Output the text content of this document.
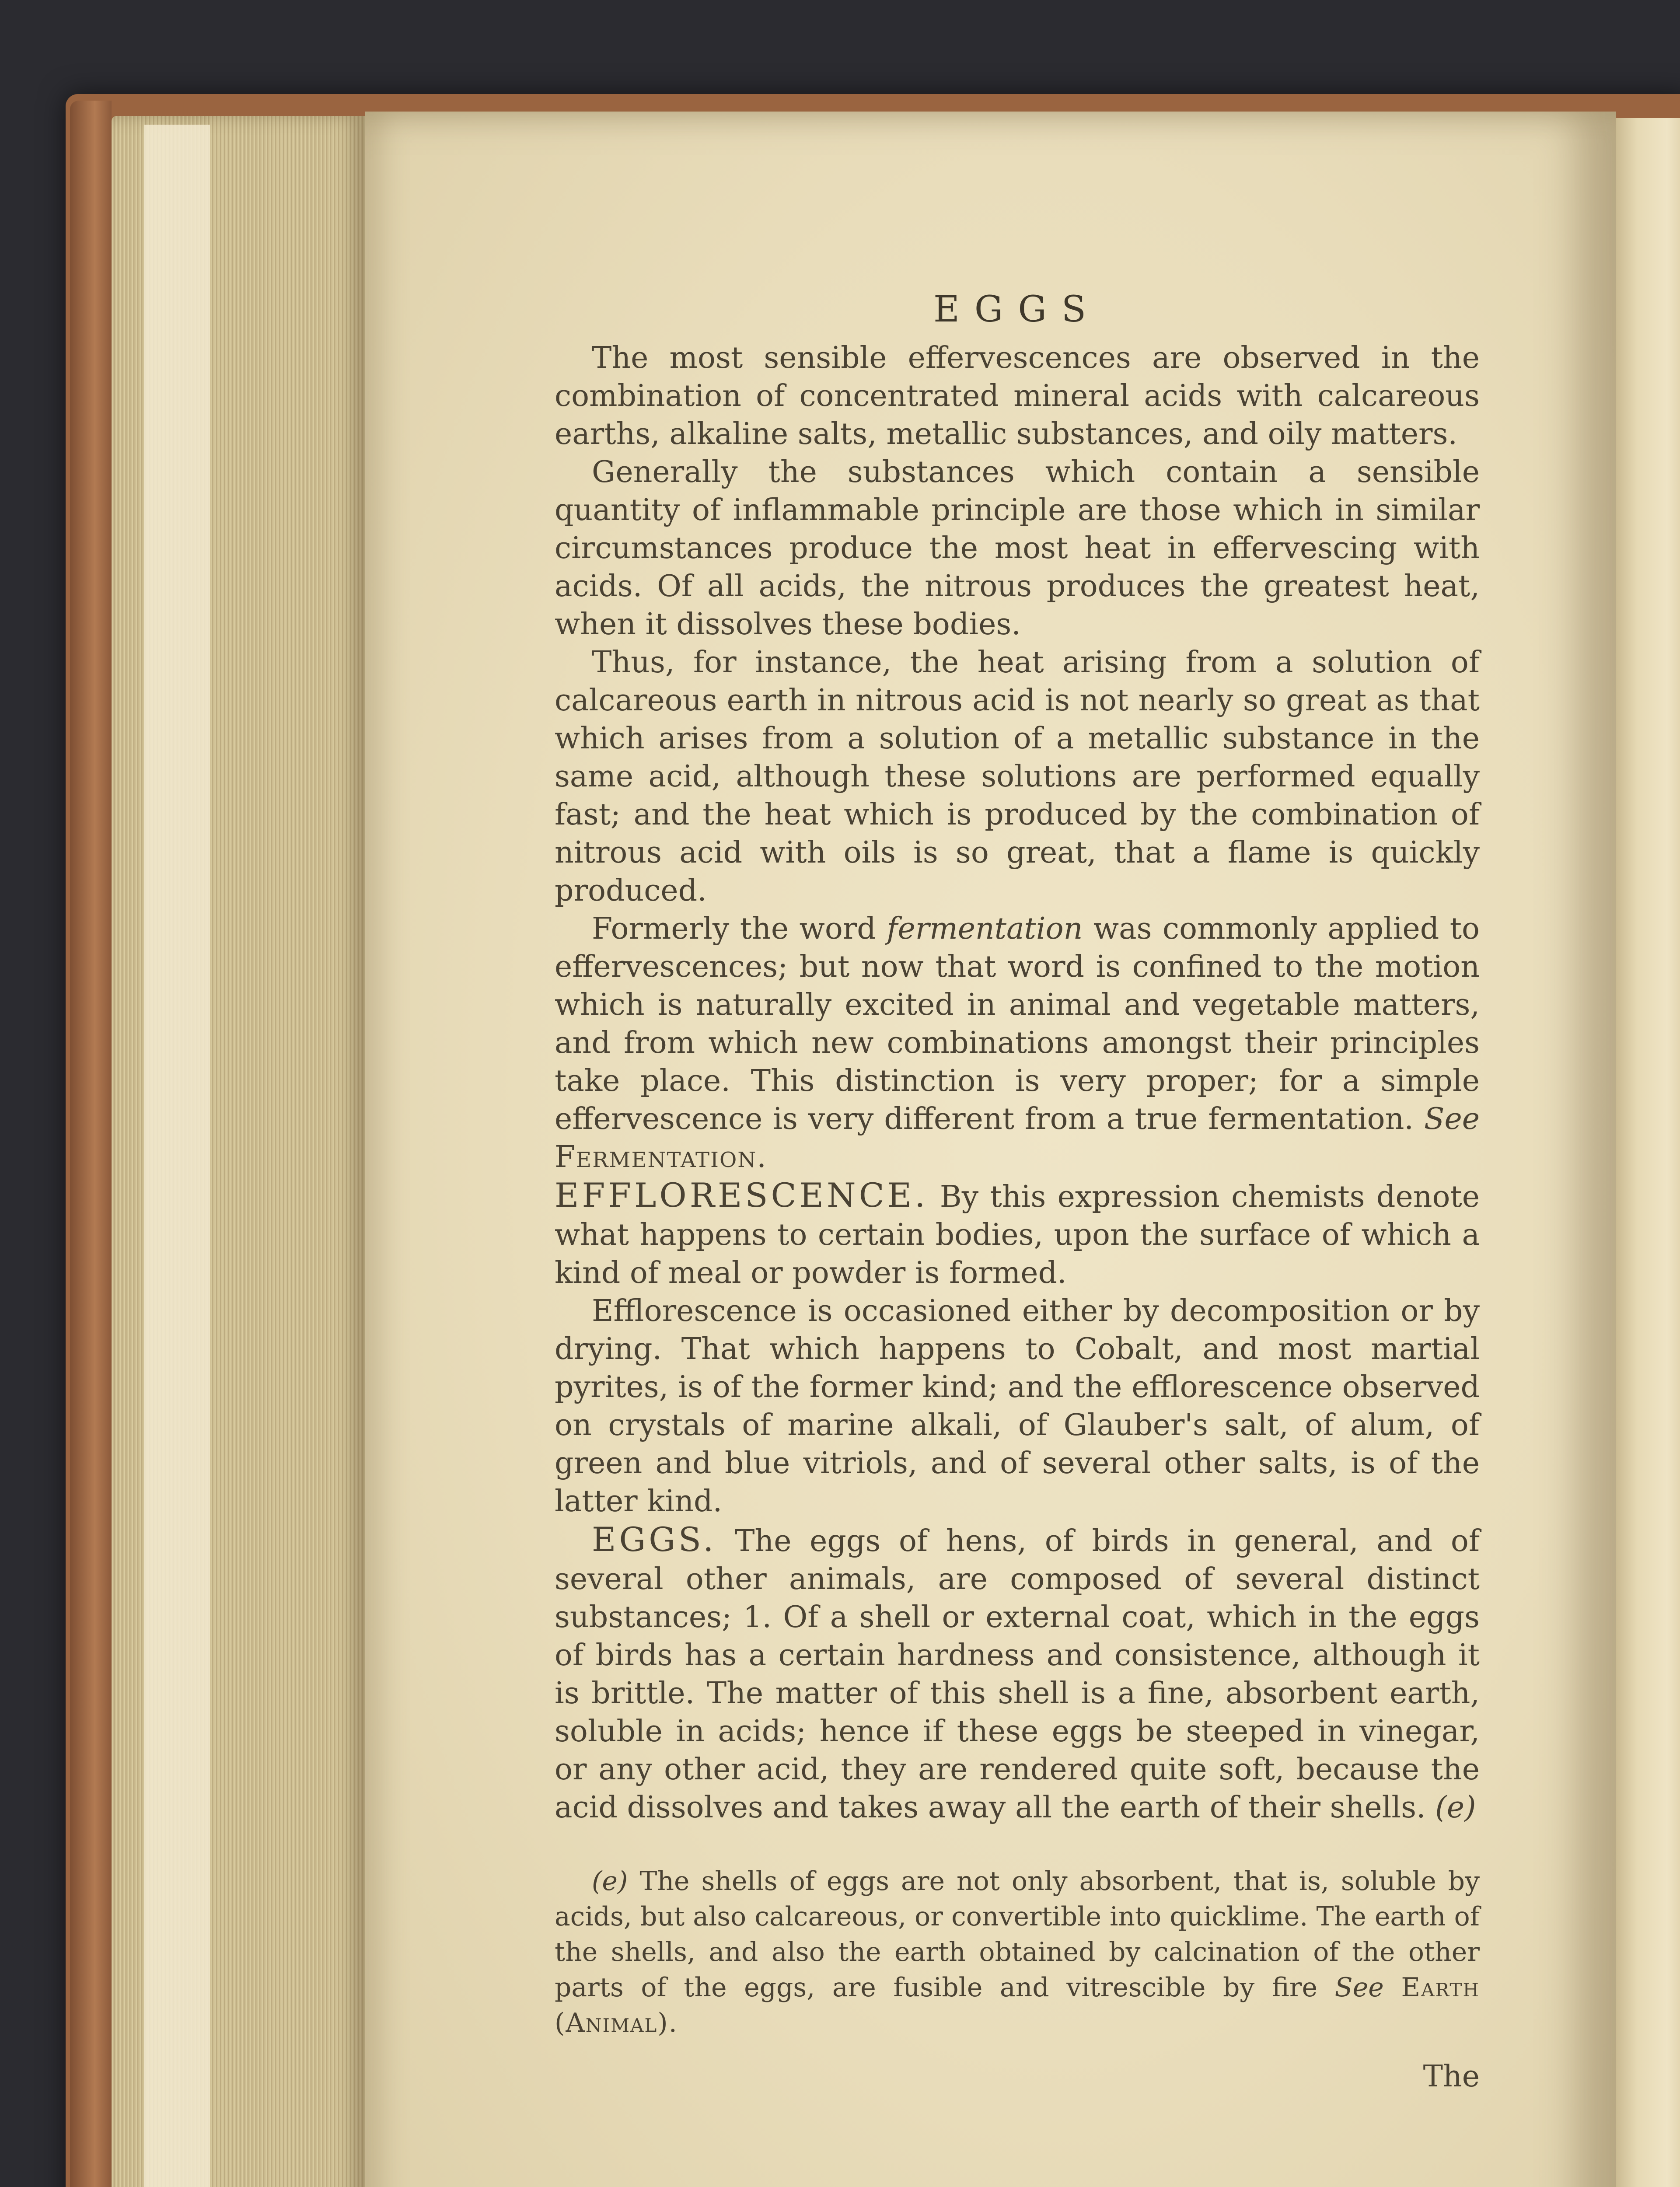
EGGS

The most sensible effervescences are observed in the combination of concentrated mineral acids with calcareous earths, alkaline salts, metallic substances, and oily matters.

Generally the substances which contain a sensible quantity of inflammable principle are those which in similar circumstances produce the most heat in effervescing with acids. Of all acids, the nitrous produces the greatest heat, when it dissolves these bodies.

Thus, for instance, the heat arising from a solution of calcareous earth in nitrous acid is not nearly so great as that which arises from a solution of a metallic substance in the same acid, although these solutions are performed equally fast; and the heat which is produced by the combination of nitrous acid with oils is so great, that a flame is quickly produced.

Formerly the word fermentation was commonly applied to effervescences; but now that word is confined to the motion which is naturally excited in animal and vegetable matters, and from which new combinations amongst their principles take place. This distinction is very proper; for a simple effervescence is very different from a true fermentation. See Fermentation.

EFFLORESCENCE. By this expression chemists denote what happens to certain bodies, upon the surface of which a kind of meal or powder is formed.

Efflorescence is occasioned either by decomposition or by drying. That which happens to Cobalt, and most martial pyrites, is of the former kind; and the efflorescence observed on crystals of marine alkali, of Glauber's salt, of alum, of green and blue vitriols, and of several other salts, is of the latter kind.

EGGS. The eggs of hens, of birds in general, and of several other animals, are composed of several distinct substances; 1. Of a shell or external coat, which in the eggs of birds has a certain hardness and consistence, although it is brittle. The matter of this shell is a fine, absorbent earth, soluble in acids; hence if these eggs be steeped in vinegar, or any other acid, they are rendered quite soft, because the acid dissolves and takes away all the earth of their shells. (e)

(e) The shells of eggs are not only absorbent, that is, soluble by acids, but also calcareous, or convertible into quicklime. The earth of the shells, and also the earth obtained by calcination of the other parts of the eggs, are fusible and vitrescible by fire See Earth (Animal).

The
